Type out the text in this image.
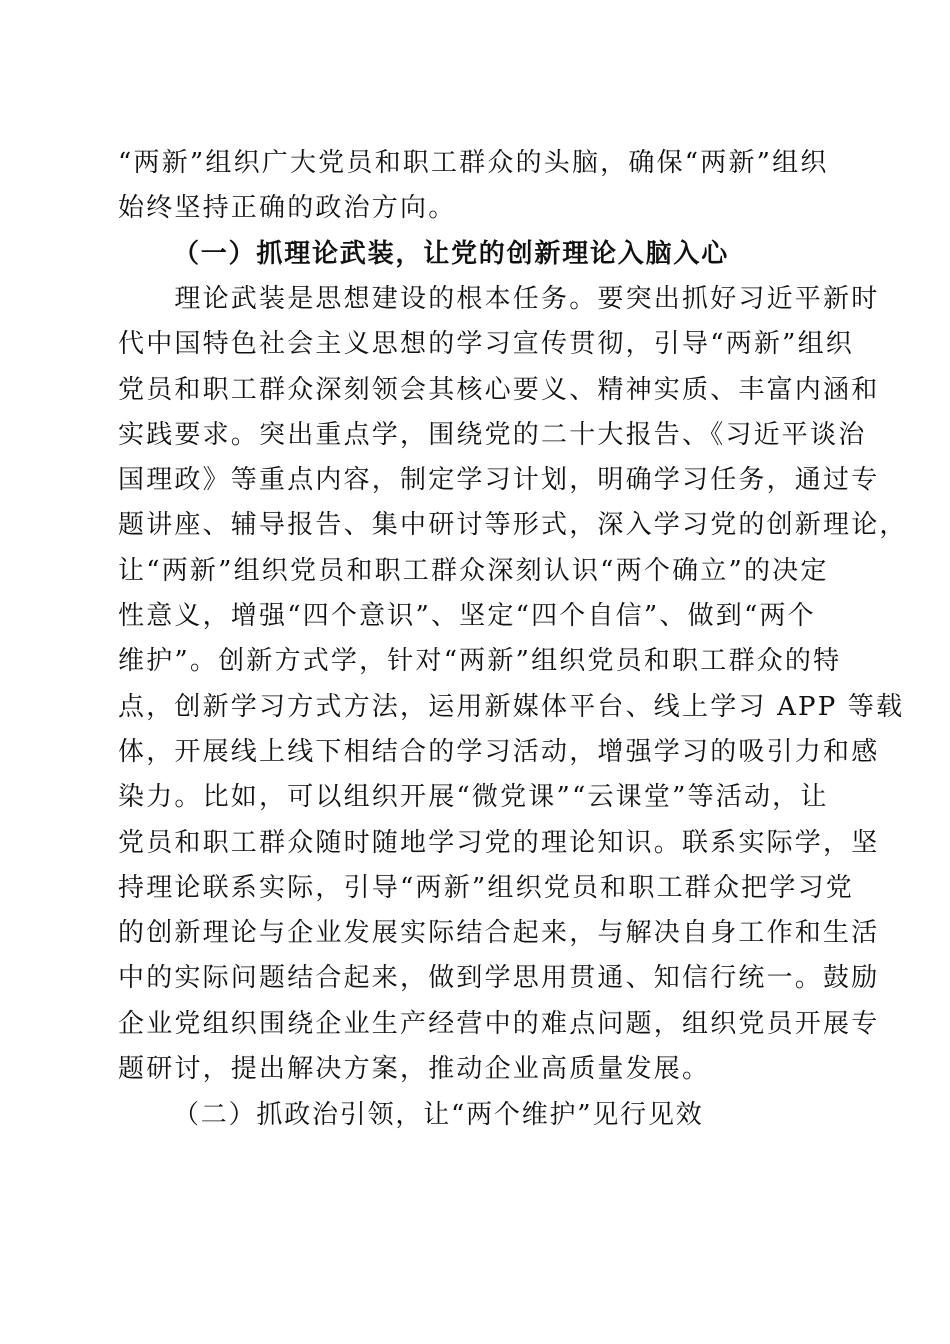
“两新”组织广大党员和职工群众的头脑，确保“两新”组织
始终坚持正确的政治方向。
（一）抓理论武装，让党的创新理论入脑入心
　　理论武装是思想建设的根本任务。要突出抓好习近平新时
代中国特色社会主义思想的学习宣传贯彻，引导“两新”组织
党员和职工群众深刻领会其核心要义、精神实质、丰富内涵和
实践要求。突出重点学，围绕党的二十大报告、《习近平谈治
国理政》等重点内容，制定学习计划，明确学习任务，通过专
题讲座、辅导报告、集中研讨等形式，深入学习党的创新理论，
让“两新”组织党员和职工群众深刻认识“两个确立”的决定
性意义，增强“四个意识”、坚定“四个自信”、做到“两个
维护”。创新方式学，针对“两新”组织党员和职工群众的特
点，创新学习方式方法，运用新媒体平台、线上学习 APP 等载
体，开展线上线下相结合的学习活动，增强学习的吸引力和感
染力。比如，可以组织开展“微党课”“云课堂”等活动，让
党员和职工群众随时随地学习党的理论知识。联系实际学，坚
持理论联系实际，引导“两新”组织党员和职工群众把学习党
的创新理论与企业发展实际结合起来，与解决自身工作和生活
中的实际问题结合起来，做到学思用贯通、知信行统一。鼓励
企业党组织围绕企业生产经营中的难点问题，组织党员开展专
题研讨，提出解决方案，推动企业高质量发展。
（二）抓政治引领，让“两个维护”见行见效
